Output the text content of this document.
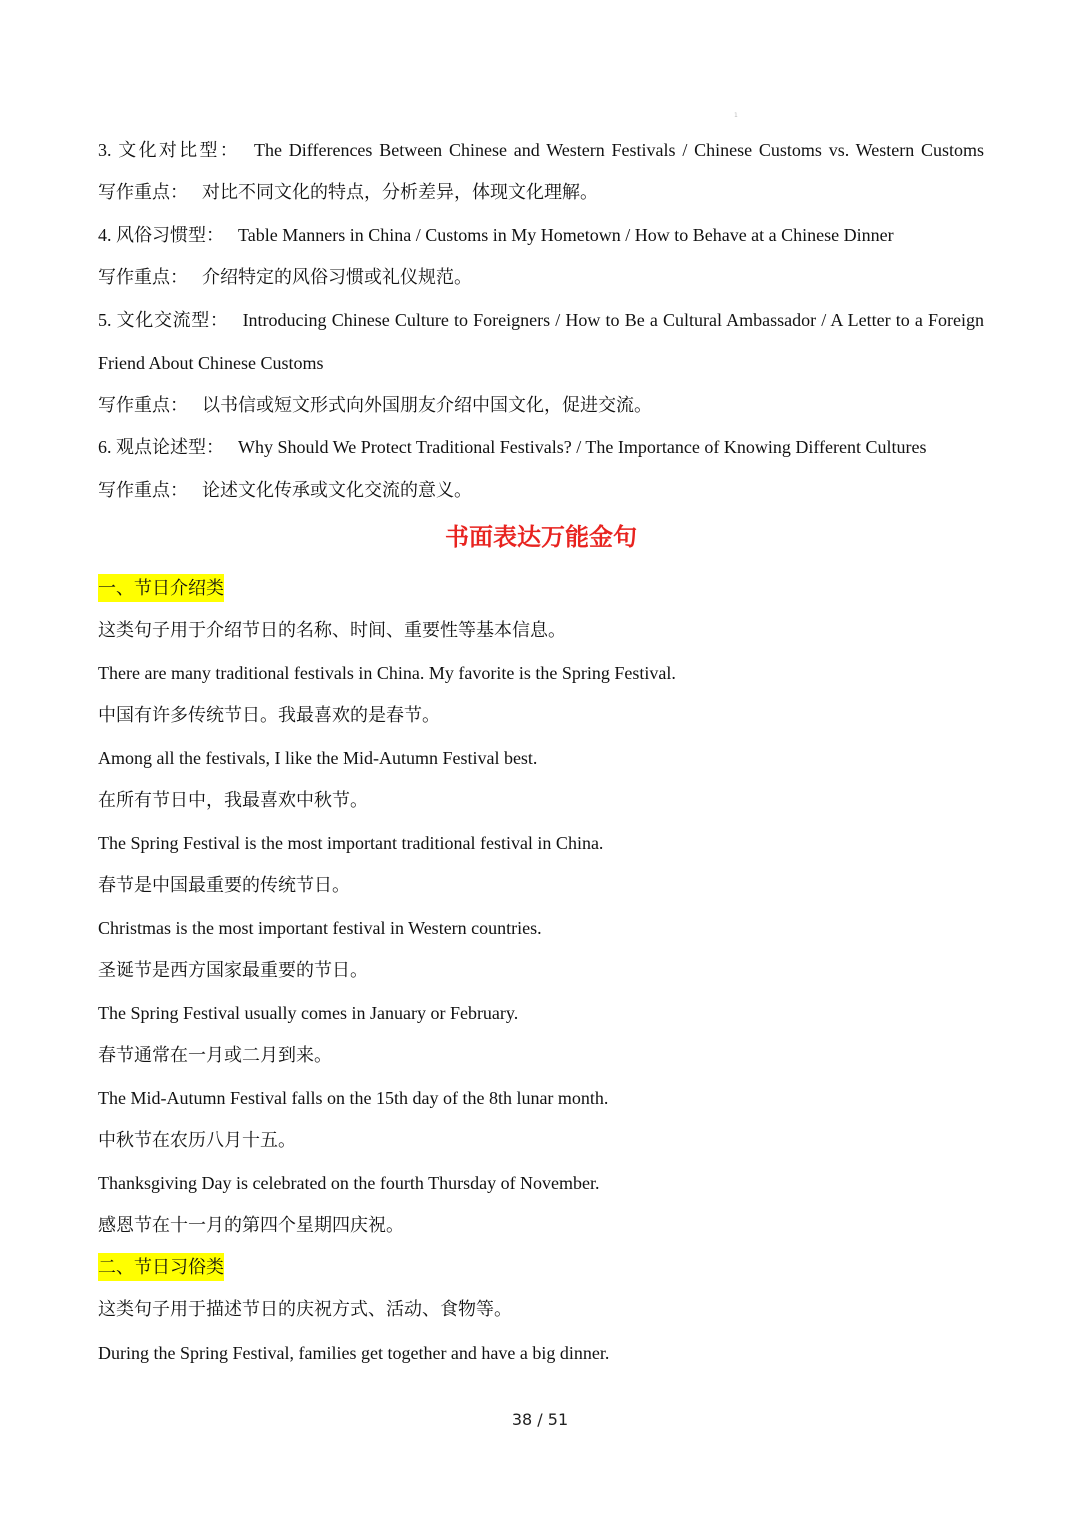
1
3. 文化对比型： The Differences Between Chinese and Western Festivals / Chinese Customs vs. Western Customs
写作重点： 对比不同文化的特点，分析差异，体现文化理解。
4. 风俗习惯型： Table Manners in China / Customs in My Hometown / How to Behave at a Chinese Dinner
写作重点： 介绍特定的风俗习惯或礼仪规范。
5. 文化交流型： Introducing Chinese Culture to Foreigners / How to Be a Cultural Ambassador / A Letter to a Foreign Friend About Chinese Customs
写作重点： 以书信或短文形式向外国朋友介绍中国文化，促进交流。
6. 观点论述型： Why Should We Protect Traditional Festivals? / The Importance of Knowing Different Cultures
写作重点： 论述文化传承或文化交流的意义。
书面表达万能金句
一、节日介绍类
这类句子用于介绍节日的名称、时间、重要性等基本信息。
There are many traditional festivals in China. My favorite is the Spring Festival.
中国有许多传统节日。我最喜欢的是春节。
Among all the festivals, I like the Mid-Autumn Festival best.
在所有节日中，我最喜欢中秋节。
The Spring Festival is the most important traditional festival in China.
春节是中国最重要的传统节日。
Christmas is the most important festival in Western countries.
圣诞节是西方国家最重要的节日。
The Spring Festival usually comes in January or February.
春节通常在一月或二月到来。
The Mid-Autumn Festival falls on the 15th day of the 8th lunar month.
中秋节在农历八月十五。
Thanksgiving Day is celebrated on the fourth Thursday of November.
感恩节在十一月的第四个星期四庆祝。
二、节日习俗类
这类句子用于描述节日的庆祝方式、活动、食物等。
During the Spring Festival, families get together and have a big dinner.
38 / 51
